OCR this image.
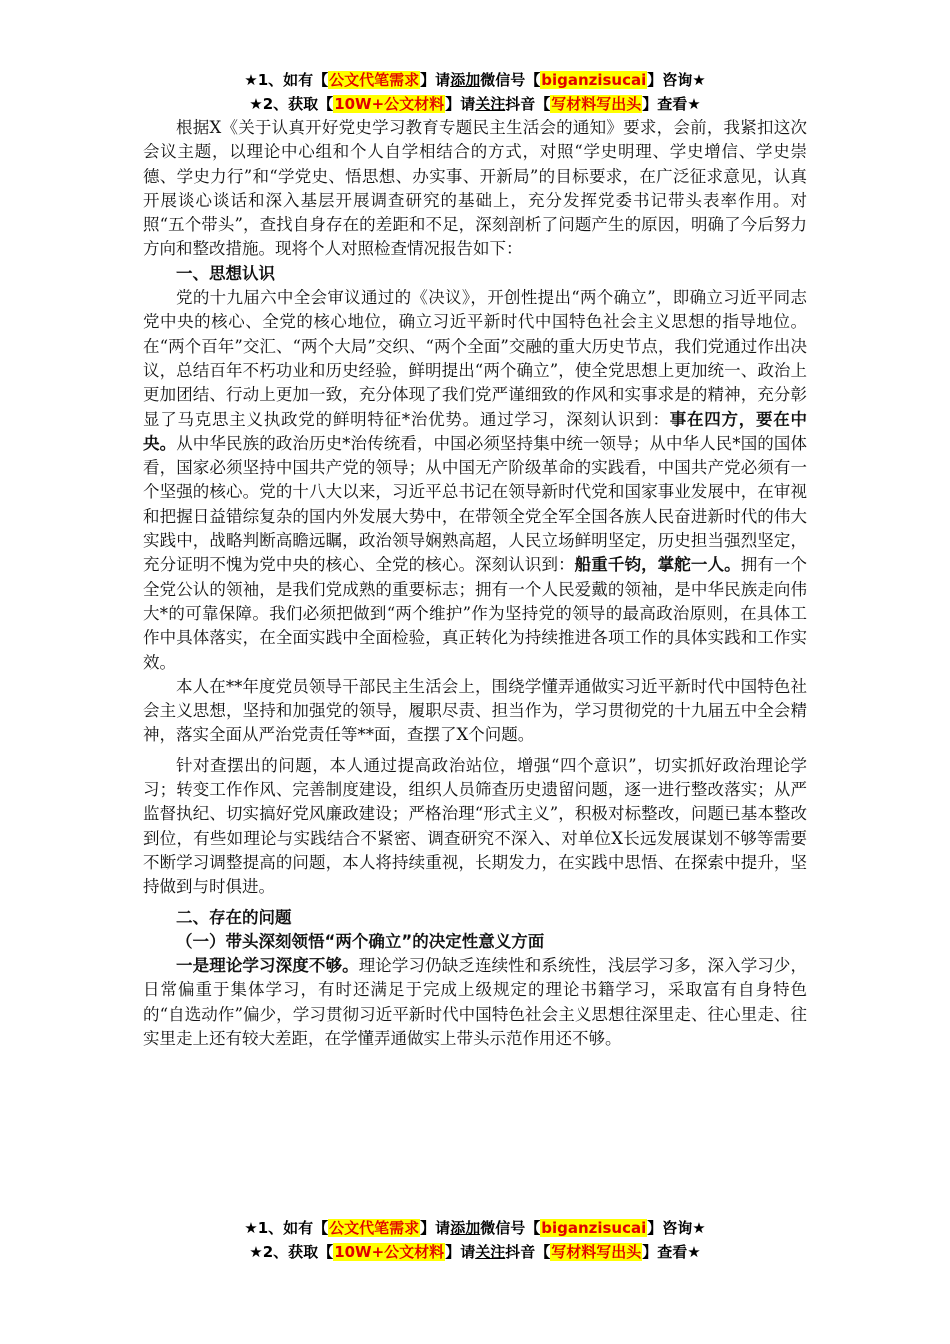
★1、如有【公文代笔需求】请添加微信号【biganzisucai】咨询★
★2、获取【10W+公文材料】请关注抖音【写材料写出头】查看★

根据X《关于认真开好党史学习教育专题民主生活会的通知》要求，会前，我紧扣这次会议主题，以理论中心组和个人自学相结合的方式，对照“学史明理、学史增信、学史崇德、学史力行”和“学党史、悟思想、办实事、开新局”的目标要求，在广泛征求意见，认真开展谈心谈话和深入基层开展调查研究的基础上，充分发挥党委书记带头表率作用。对照“五个带头”，查找自身存在的差距和不足，深刻剖析了问题产生的原因，明确了今后努力方向和整改措施。现将个人对照检查情况报告如下：

一、思想认识

党的十九届六中全会审议通过的《决议》，开创性提出“两个确立”，即确立习近平同志党中央的核心、全党的核心地位，确立习近平新时代中国特色社会主义思想的指导地位。在“两个百年”交汇、“两个大局”交织、“两个全面”交融的重大历史节点，我们党通过作出决议，总结百年不朽功业和历史经验，鲜明提出“两个确立”，使全党思想上更加统一、政治上更加团结、行动上更加一致，充分体现了我们党严谨细致的作风和实事求是的精神，充分彰显了马克思主义执政党的鲜明特征*治优势。通过学习，深刻认识到：事在四方，要在中央。从中华民族的政治历史*治传统看，中国必须坚持集中统一领导；从中华人民*国的国体看，国家必须坚持中国共产党的领导；从中国无产阶级革命的实践看，中国共产党必须有一个坚强的核心。党的十八大以来，习近平总书记在领导新时代党和国家事业发展中，在审视和把握日益错综复杂的国内外发展大势中，在带领全党全军全国各族人民奋进新时代的伟大实践中，战略判断高瞻远瞩，政治领导娴熟高超，人民立场鲜明坚定，历史担当强烈坚定，充分证明不愧为党中央的核心、全党的核心。深刻认识到：船重千钧，掌舵一人。拥有一个全党公认的领袖，是我们党成熟的重要标志；拥有一个人民爱戴的领袖，是中华民族走向伟大*的可靠保障。我们必须把做到“两个维护”作为坚持党的领导的最高政治原则，在具体工作中具体落实，在全面实践中全面检验，真正转化为持续推进各项工作的具体实践和工作实效。

本人在**年度党员领导干部民主生活会上，围绕学懂弄通做实习近平新时代中国特色社会主义思想，坚持和加强党的领导，履职尽责、担当作为，学习贯彻党的十九届五中全会精神，落实全面从严治党责任等**面，查摆了X个问题。

针对查摆出的问题，本人通过提高政治站位，增强“四个意识”，切实抓好政治理论学习；转变工作作风、完善制度建设，组织人员筛查历史遗留问题，逐一进行整改落实；从严监督执纪、切实搞好党风廉政建设；严格治理“形式主义”，积极对标整改，问题已基本整改到位，有些如理论与实践结合不紧密、调查研究不深入、对单位X长远发展谋划不够等需要不断学习调整提高的问题，本人将持续重视，长期发力，在实践中思悟、在探索中提升，坚持做到与时俱进。

二、存在的问题
（一）带头深刻领悟“两个确立”的决定性意义方面

一是理论学习深度不够。理论学习仍缺乏连续性和系统性，浅层学习多，深入学习少，日常偏重于集体学习，有时还满足于完成上级规定的理论书籍学习，采取富有自身特色的“自选动作”偏少，学习贯彻习近平新时代中国特色社会主义思想往深里走、往心里走、往实里走上还有较大差距，在学懂弄通做实上带头示范作用还不够。

★1、如有【公文代笔需求】请添加微信号【biganzisucai】咨询★
★2、获取【10W+公文材料】请关注抖音【写材料写出头】查看★
